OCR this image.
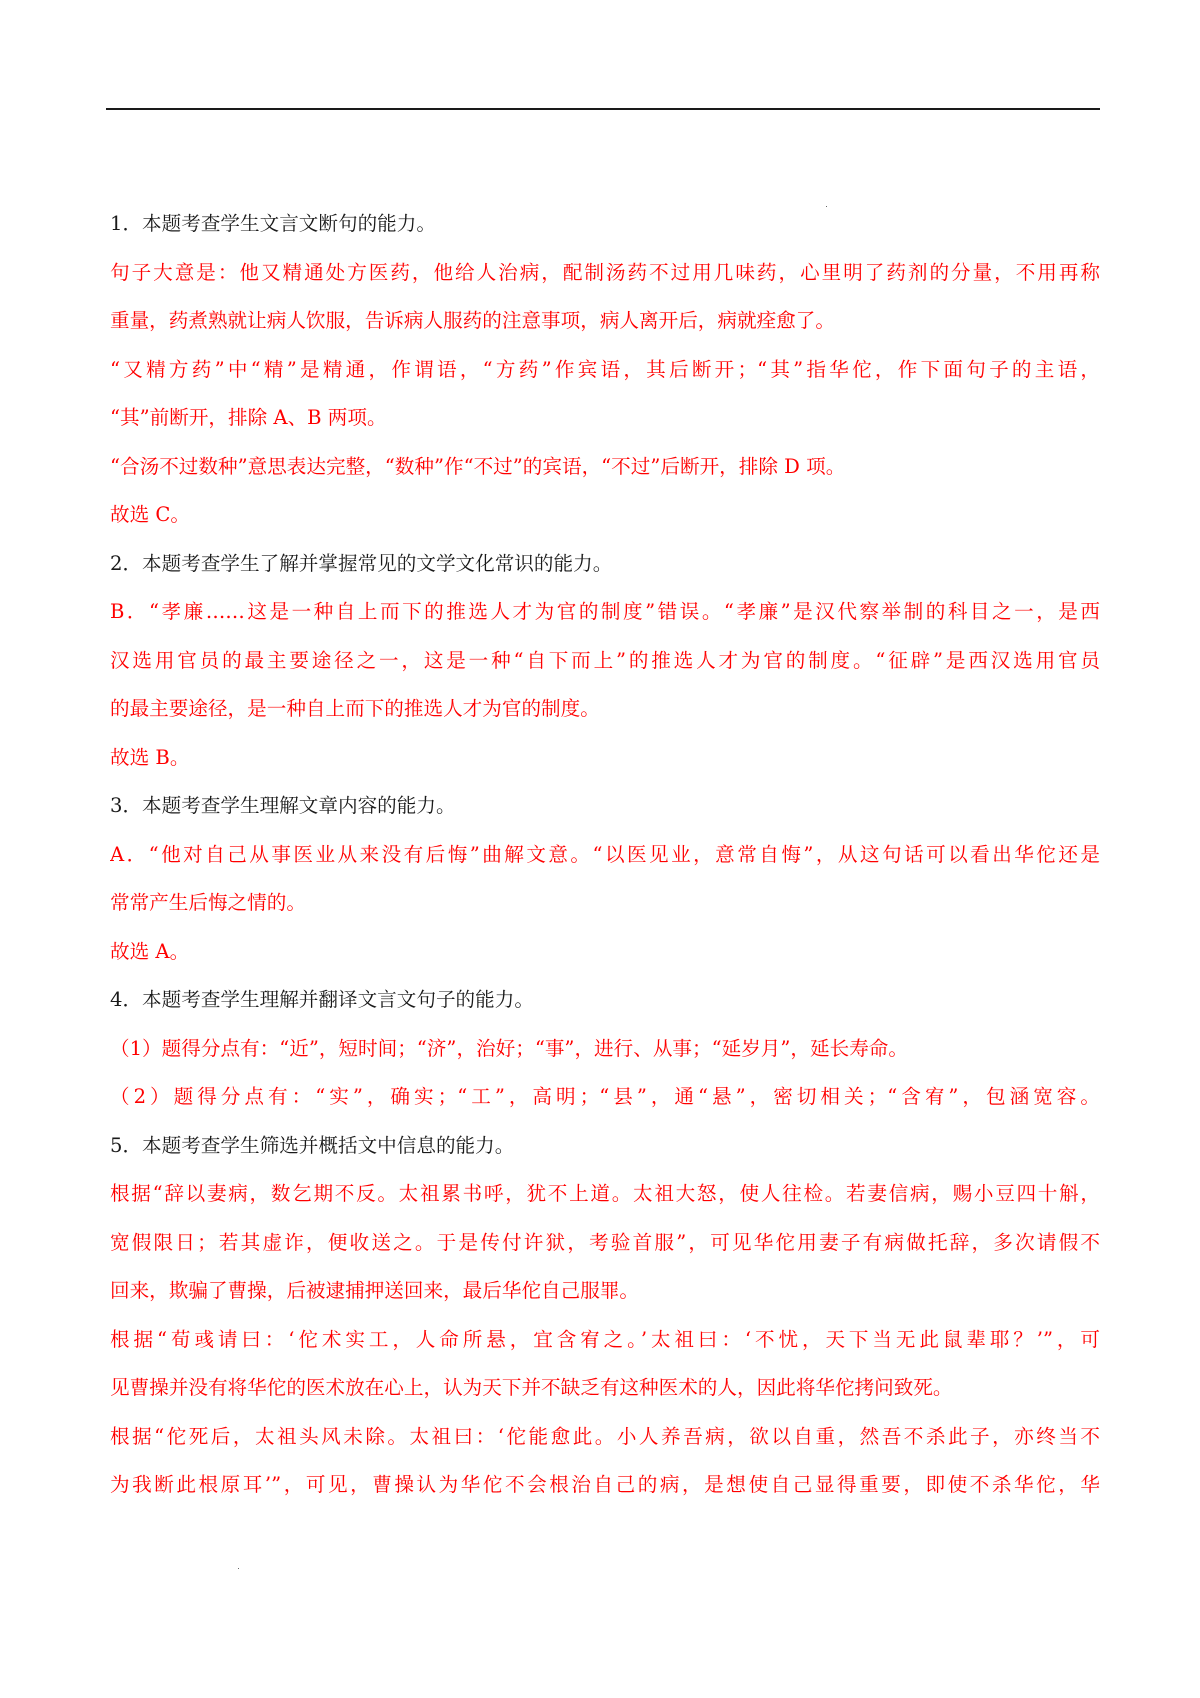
1．本题考查学生文言文断句的能力。
句子大意是：他又精通处方医药，他给人治病，配制汤药不过用几味药，心里明了药剂的分量，不用再称
重量，药煮熟就让病人饮服，告诉病人服药的注意事项，病人离开后，病就痊愈了。
“又精方药”中“精”是精通，作谓语，“方药”作宾语，其后断开；“其”指华佗，作下面句子的主语，
“其”前断开，排除 A、B 两项。
“合汤不过数种”意思表达完整，“数种”作“不过”的宾语，“不过”后断开，排除 D 项。
故选 C。
2．本题考查学生了解并掌握常见的文学文化常识的能力。
B．“孝廉……这是一种自上而下的推选人才为官的制度”错误。“孝廉”是汉代察举制的科目之一，是西
汉选用官员的最主要途径之一，这是一种“自下而上”的推选人才为官的制度。“征辟”是西汉选用官员
的最主要途径，是一种自上而下的推选人才为官的制度。
故选 B。
3．本题考查学生理解文章内容的能力。
A．“他对自己从事医业从来没有后悔”曲解文意。“以医见业，意常自悔”，从这句话可以看出华佗还是
常常产生后悔之情的。
故选 A。
4．本题考查学生理解并翻译文言文句子的能力。
（1）题得分点有：“近”，短时间；“济”，治好；“事”，进行、从事；“延岁月”，延长寿命。
（2）题得分点有：“实”，确实；“工”，高明；“县”，通“悬”，密切相关；“含宥”，包涵宽容。
5．本题考查学生筛选并概括文中信息的能力。
根据“辞以妻病，数乞期不反。太祖累书呼，犹不上道。太祖大怒，使人往检。若妻信病，赐小豆四十斛，
宽假限日；若其虚诈，便收送之。于是传付许狱，考验首服”，可见华佗用妻子有病做托辞，多次请假不
回来，欺骗了曹操，后被逮捕押送回来，最后华佗自己服罪。
根据“荀彧请曰：‘佗术实工，人命所悬，宜含宥之。’太祖曰：‘不忧，天下当无此鼠辈耶？’”，可
见曹操并没有将华佗的医术放在心上，认为天下并不缺乏有这种医术的人，因此将华佗拷问致死。
根据“佗死后，太祖头风未除。太祖曰：‘佗能愈此。小人养吾病，欲以自重，然吾不杀此子，亦终当不
为我断此根原耳’”，可见，曹操认为华佗不会根治自己的病，是想使自己显得重要，即使不杀华佗，华
